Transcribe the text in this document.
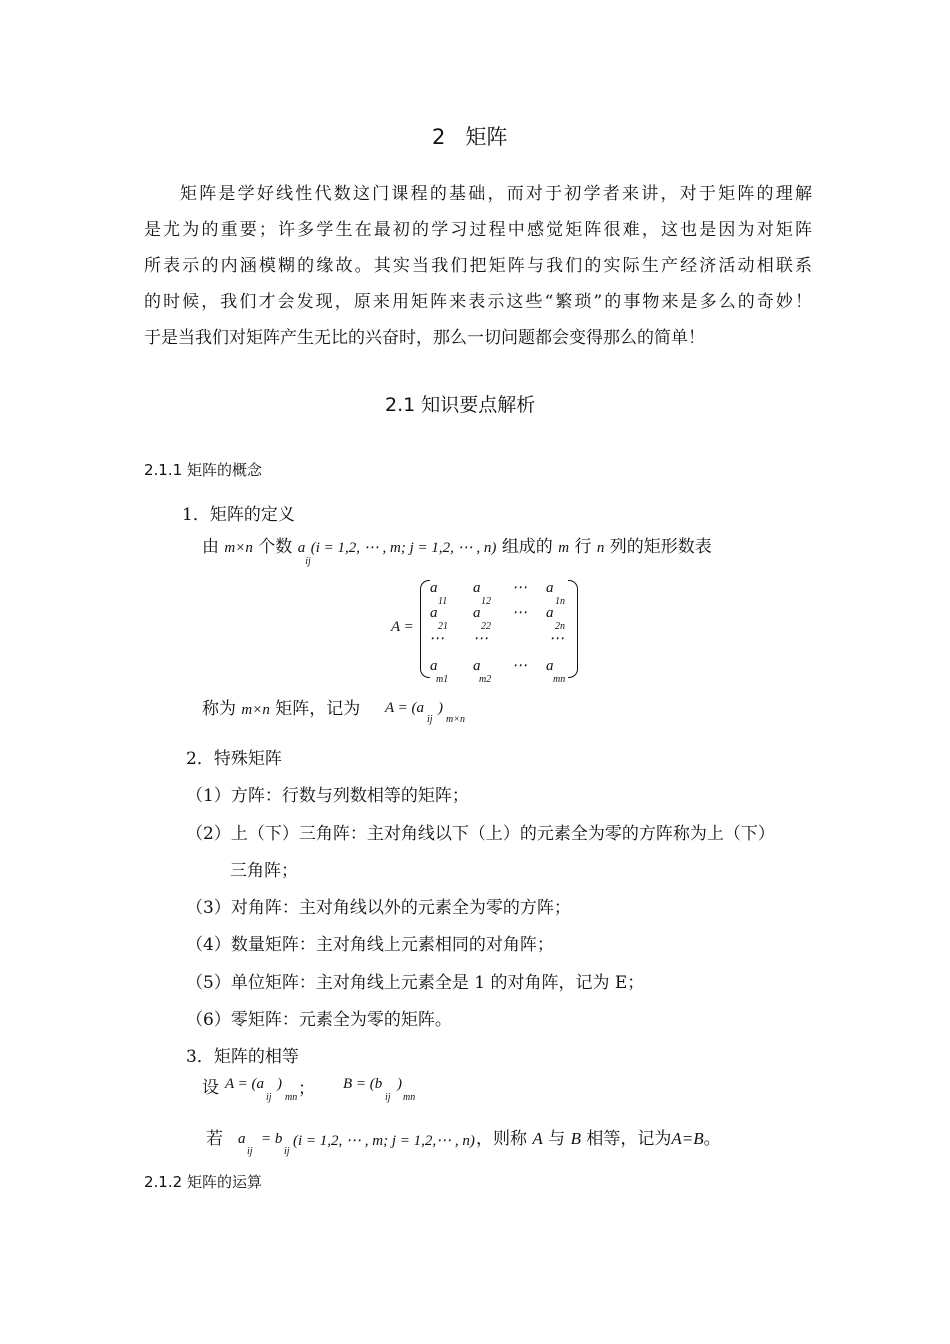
2 矩阵
矩阵是学好线性代数这门课程的基础，而对于初学者来讲，对于矩阵的理解
是尤为的重要；许多学生在最初的学习过程中感觉矩阵很难，这也是因为对矩阵
所表示的内涵模糊的缘故。其实当我们把矩阵与我们的实际生产经济活动相联系
的时候，我们才会发现，原来用矩阵来表示这些“繁琐”的事物来是多么的奇妙！
于是当我们对矩阵产生无比的兴奋时，那么一切问题都会变得那么的简单！
2.1 知识要点解析
2.1.1 矩阵的概念
1．矩阵的定义
由 m×n 个数 $a_{ij}(i = 1,2$, ⋯ , m; j = 1,2, ⋯ , n) 组成的 m 行 n 列的矩形数表
A =
a
11
a
12
⋯ a
1n
a
21
a
22
⋯ a
2n
⋯ ⋯	⋯
a
m1
a
m2
⋯ a
mn
称为 m×n 矩阵，记为 A = (a
ij
)
m×n
2．特殊矩阵
（1）方阵：行数与列数相等的矩阵；
（2）上（下）三角阵：主对角线以下（上）的元素全为零的方阵称为上（下）
三角阵；
（3）对角阵：主对角线以外的元素全为零的方阵；
（4）数量矩阵：主对角线上元素相同的对角阵；
（5）单位矩阵：主对角线上元素全是 1 的对角阵，记为 E；
（6）零矩阵：元素全为零的矩阵。
3．矩阵的相等
设 A = (a
ij
)
mn ； B = (b
ij
)
mn
若 a
ij
= b
ij
(i = 1,2, ⋯ , m; j = 1,2,⋯ , n) ，则称 A 与 B 相等，记为A=B。
2.1.2 矩阵的运算
